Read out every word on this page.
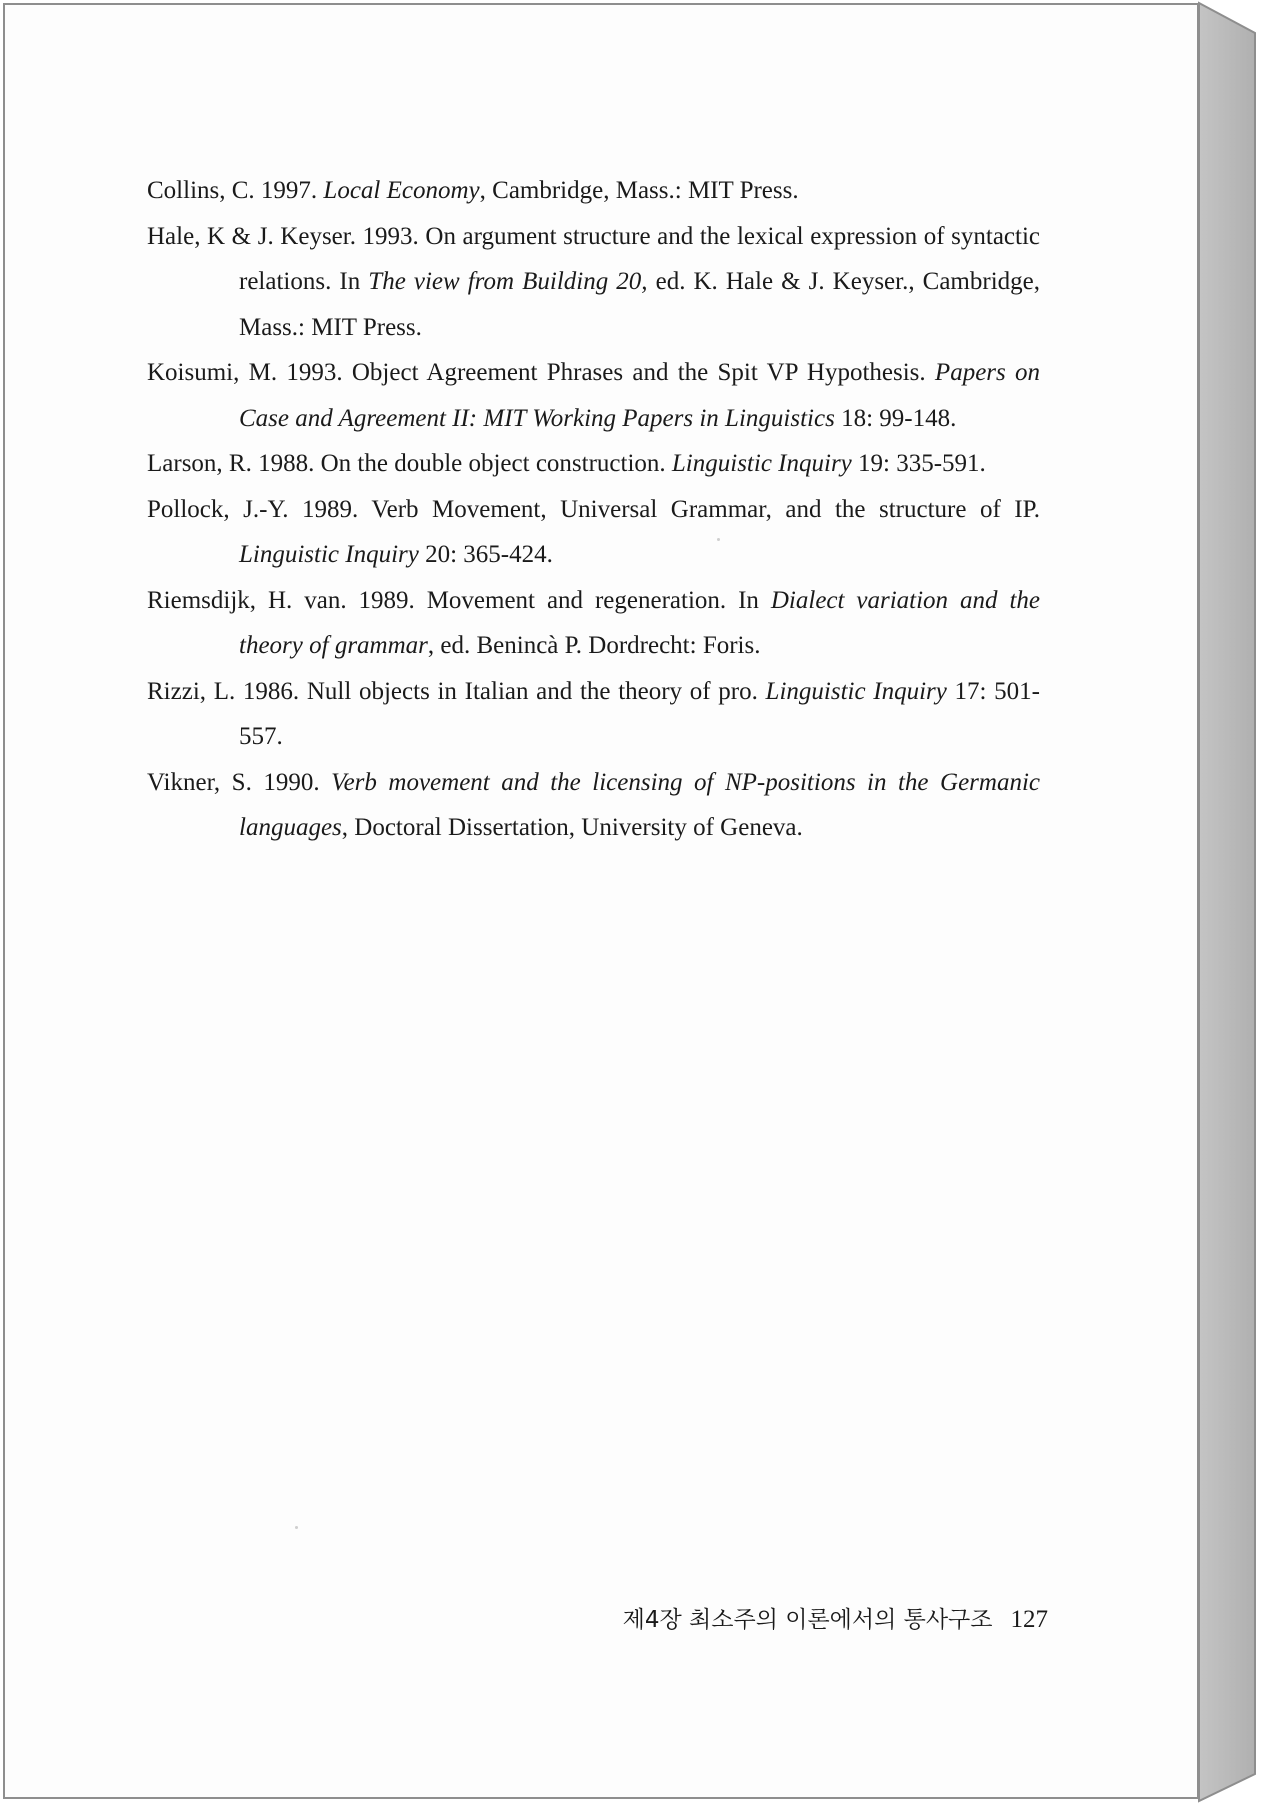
Collins, C. 1997. Local Economy, Cambridge, Mass.: MIT Press.
Hale, K & J. Keyser. 1993. On argument structure and the lexical expression of syntactic relations. In The view from Building 20, ed. K. Hale & J. Keyser., Cambridge, Mass.: MIT Press.
Koisumi, M. 1993. Object Agreement Phrases and the Spit VP Hypothesis. Papers on Case and Agreement II: MIT Working Papers in Linguistics 18: 99-148.
Larson, R. 1988. On the double object construction. Linguistic Inquiry 19: 335-591.
Pollock, J.-Y. 1989. Verb Movement, Universal Grammar, and the structure of IP. Linguistic Inquiry 20: 365-424.
Riemsdijk, H. van. 1989. Movement and regeneration. In Dialect variation and the theory of grammar, ed. Benincà P. Dordrecht: Foris.
Rizzi, L. 1986. Null objects in Italian and the theory of pro. Linguistic Inquiry 17: 501-557.
Vikner, S. 1990. Verb movement and the licensing of NP-positions in the Germanic languages, Doctoral Dissertation, University of Geneva.
제4장 최소주의 이론에서의 통사구조 127
